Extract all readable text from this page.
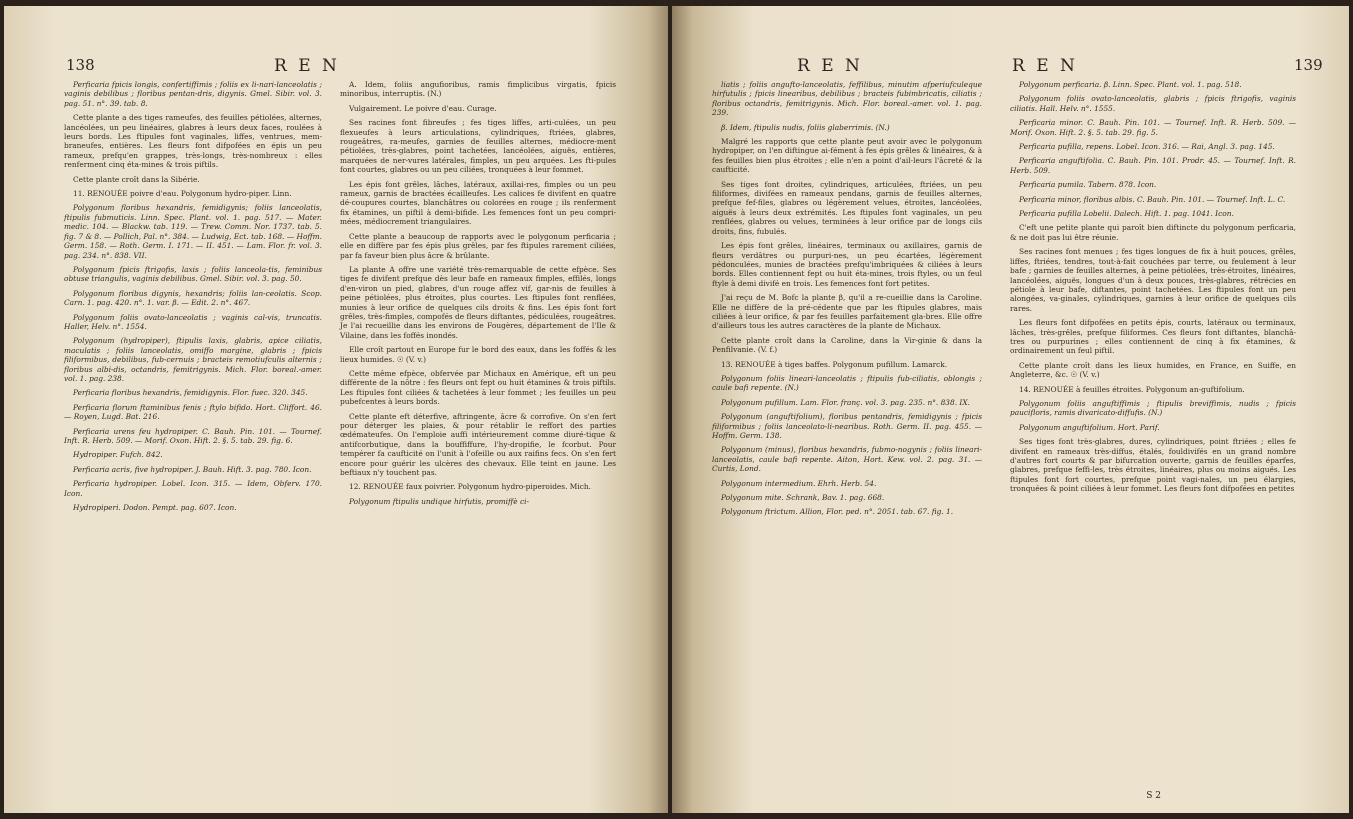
138	R E N

Perficaria fpicis longis, confertiffimis ; foliis ex li-nari-lanceolatis ; vaginis debilibus ; floribus pentan-dris, digynis. Gmel. Sibir. vol. 3. pag. 51. n°. 39. tab. 8.

Cette plante a des tiges rameufes, des feuilles pétiolées, alternes, lancéolées, un peu linéaires, glabres à leurs deux faces, roulées à leurs bords. Les ftipules font vaginales, liffes, ventrues, mem-braneufes, entières. Les fleurs font difpofées en épis un peu rameux, prefqu'en grappes, très-longs, très-nombreux : elles renferment cinq éta-mines & trois piftils.

Cette plante croît dans la Sibérie.

11. RENOUÉE poivre d'eau. Polygonum hydro-piper. Linn.

Polygonum floribus hexandris, femidigynis; foliis lanceolatis, ftipulis fubmuticis. Linn. Spec. Plant. vol. 1. pag. 517. — Mater. medic. 104. — Blackw. tab. 119. — Trew. Comm. Nor. 1737. tab. 5. fig. 7 & 8. — Pollich, Pal. n°. 384. — Ludwig, Ect. tab. 168. — Hoffm. Germ. 158. — Roth. Germ. I. 171. — II. 451. — Lam. Flor. fr. vol. 3. pag. 234. n°. 838. VII.

Polygonum fpicis ftrigofis, laxis ; foliis lanceola-tis, feminibus obtuse triangulis, vaginis debilibus. Gmel. Sibir. vol. 3. pag. 50.

Polygonum floribus digynis, hexandris; foliis lan-ceolatis. Scop. Carn. 1. pag. 420. n°. 1. var. β. — Edit. 2. n°. 467.

Polygonum foliis ovato-lanceolatis ; vaginis cal-vis, truncatis. Haller, Helv. n°. 1554.

Polygonum (hydropiper), ftipulis laxis, glabris, apice ciliatis, maculatis ; foliis lanceolatis, omiffo margine, glabris ; fpicis filiformibus, debilibus, fub-cernuis ; bracteis remotiufculis alternis ; floribus albi-dis, octandris, femitrigynis. Mich. Flor. boreal.-amer. vol. 1. pag. 238.

Perficaria floribus hexandris, femidigynis. Flor. fuec. 320. 345.

Perficaria florum ftaminibus fenis ; ftylo bifido. Hort. Cliffort. 46. — Royen, Lugd. Bat. 216.

Perficaria urens feu hydropiper. C. Bauh. Pin. 101. — Tournef. Inft. R. Herb. 509. — Morif. Oxon. Hift. 2. §. 5. tab. 29. fig. 6.

Hydropiper. Fufch. 842.

Perficaria acris, five hydropiper. J. Bauh. Hift. 3. pag. 780. Icon.

Perficaria hydropiper. Lobel. Icon. 315. — Idem, Obferv. 170. Icon.

Hydropiperi. Dodon. Pempt. pag. 607. Icon.

A. Idem, foliis angufioribus, ramis fimplicibus virgatis, fpicis minoribus, interruptis. (N.)

Vulgairement. Le poivre d'eau. Curage.

Ses racines font fibreufes ; fes tiges liffes, arti-culées, un peu flexueufes à leurs articulations, cylindriques, ftriées, glabres, rougeâtres, ra-meufes, garnies de feuilles alternes, médiocre-ment pétiolées, très-glabres, point tachetées, lancéolées, aiguës, entières, marquées de ner-vures latérales, fimples, un peu arquées. Les fti-pules font courtes, glabres ou un peu ciliées, tronquées à leur fommet.

Les épis font grêles, lâches, latéraux, axillai-res, fimples ou un peu rameux, garnis de bractées écailleufes. Les calices fe divifent en quatre dé-coupures courtes, blanchâtres ou colorées en rouge ; ils renferment fix étamines, un piftil à demi-bifide. Les femences font un peu compri-mées, médiocrement triangulaires.

Cette plante a beaucoup de rapports avec le polygonum perficaria ; elle en diffère par fes épis plus grêles, par fes ftipules rarement ciliées, par fa faveur bien plus âcre & brûlante.

La plante A offre une variété très-remarquable de cette efpèce. Ses tiges fe divifent prefque dès leur bafe en rameaux fimples, effilés, longs d'en-viron un pied, glabres, d'un rouge affez vif, gar-nis de feuilles à peine pétiolées, plus étroites, plus courtes. Les ftipules font renflées, munies à leur orifice de quelques cils droits & fins. Les épis font fort grêles, très-fimples, compofés de fleurs diftantes, pédiculées, rougeâtres. Je l'ai recueillie dans les environs de Fougères, département de l'Ile & Vilaine, dans les foffés inondés.

Elle croît partout en Europe fur le bord des eaux, dans les foffés & les lieux humides. ☉ (V. v.)

Cette même efpèce, obfervée par Michaux en Amérique, eft un peu différente de la nôtre : fes fleurs ont fept ou huit étamines & trois piftils. Les ftipules font ciliées & tachetées à leur fommet ; les feuilles un peu pubefcentes à leurs bords.

Cette plante eft déterfive, aftringente, âcre & corrofive. On s'en fert pour déterger les plaies, & pour rétablir le reffort des parties œdémateufes. On l'emploie auffi intérieurement comme diuré-tique & antifcorbutique, dans la bouffiffure, l'hy-dropifie, le fcorbut. Pour tempérer fa caufticité on l'unit à l'ofeille ou aux raifins fecs. On s'en fert encore pour guérir les ulcères des chevaux. Elle teint en jaune. Les beftiaux n'y touchent pas.

12. RENOUÉE faux poivrier. Polygonum hydro-piperoides. Mich.

Polygonum ftipulis undique hirfutis, promiffè ci-

R E N	R E N	139

liatis ; foliis angufto-lanceolatis, feffilibus, minutim afperiufculeque hirfutulis ; fpicis linearibus, debilibus ; bracteis fubimbricatis, ciliatis ; floribus octandris, femitrigynis. Mich. Flor. boreal.-amer. vol. 1. pag. 239.

β. Idem, ftipulis nudis, foliis glaberrimis. (N.)

Malgré les rapports que cette plante peut avoir avec le polygonum hydropiper, on l'en diftingue ai-fément à fes épis grêles & linéaires, & à fes feuilles bien plus étroites ; elle n'en a point d'ail-leurs l'âcreté & la caufticité.

Ses tiges font droites, cylindriques, articulées, ftriées, un peu filiformes, divifées en rameaux pendans, garnis de feuilles alternes, prefque fef-files, glabres ou légèrement velues, étroites, lancéolées, aiguës à leurs deux extrémités. Les ftipules font vaginales, un peu renflées, glabres ou velues, terminées à leur orifice par de longs cils droits, fins, fubulés.

Les épis font grêles, linéaires, terminaux ou axillaires, garnis de fleurs verdâtres ou purpuri-nes, un peu écartées, légèrement pédonculées, munies de bractées prefqu'imbriquées & ciliées à leurs bords. Elles contiennent fept ou huit éta-mines, trois ftyles, ou un feul ftyle à demi divifé en trois. Les femences font fort petites.

J'ai reçu de M. Bofc la plante β, qu'il a re-cueillie dans la Caroline. Elle ne diffère de la pré-cédente que par les ftipules glabres, mais ciliées à leur orifice, & par fes feuilles parfaitement gla-bres. Elle offre d'ailleurs tous les autres caractères de la plante de Michaux.

Cette plante croît dans la Caroline, dans la Vir-ginie & dans la Penfilvanie. (V. f.)

13. RENOUÉE à tiges baffes. Polygonum pufillum. Lamarck.

Polygonum foliis lineari-lanceolatis ; ftipulis fub-ciliatis, oblongis ; caule bafi repente. (N.)

Polygonum pufillum. Lam. Flor. franç. vol. 3. pag. 235. n°. 838. IX.

Polygonum (anguftifolium), floribus pentandris, femidigynis ; fpicis filiformibus ; foliis lanceolato-li-nearibus. Roth. Germ. II. pag. 455. — Hoffm. Germ. 138.

Polygonum (minus), floribus hexandris, fubmo-nogynis ; foliis lineari-lanceolatis, caule bafi repente. Aiton, Hort. Kew. vol. 2. pag. 31. — Curtis, Lond.

Polygonum intermedium. Ehrh. Herb. 54.

Polygonum mite. Schrank, Bav. 1. pag. 668.

Polygonum ftrictum. Allion, Flor. ped. n°. 2051. tab. 67. fig. 1.

Polygonum perficaria. β. Linn. Spec. Plant. vol. 1. pag. 518.

Polygonum foliis ovato-lanceolatis, glabris ; fpicis ftrigofis, vaginis ciliatis. Hall. Helv. n°. 1555.

Perficaria minor. C. Bauh. Pin. 101. — Tournef. Inft. R. Herb. 509. — Morif. Oxon. Hift. 2. §. 5. tab. 29. fig. 5.

Perficaria pufilla, repens. Lobel. Icon. 316. — Rai, Angl. 3. pag. 145.

Perficaria anguftifolia. C. Bauh. Pin. 101. Prodr. 45. — Tournef. Inft. R. Herb. 509.

Perficaria pumila. Tabern. 878. Icon.

Perficaria minor, floribus albis. C. Bauh. Pin. 101. — Tournef. Inft. L. C.

Perficaria pufilla Lobelii. Dalech. Hift. 1. pag. 1041. Icon.

C'eft une petite plante qui paroît bien diftincte du polygonum perficaria, & ne doit pas lui être réunie.

Ses racines font menues ; fes tiges longues de fix à huit pouces, grêles, liffes, ftriées, tendres, tout-à-fait couchées par terre, ou feulement à leur bafe ; garnies de feuilles alternes, à peine pétiolées, très-étroites, linéaires, lancéolées, aiguës, longues d'un à deux pouces, très-glabres, rétrécies en pétiole à leur bafe, diftantes, point tachetées. Les ftipules font un peu alongées, va-ginales, cylindriques, garnies à leur orifice de quelques cils rares.

Les fleurs font difpofées en petits épis, courts, latéraux ou terminaux, lâches, très-grêles, prefque filiformes. Ces fleurs font diftantes, blanchâ-tres ou purpurines ; elles contiennent de cinq à fix étamines, & ordinairement un feul piftil.

Cette plante croît dans les lieux humides, en France, en Suiffe, en Angleterre, &c. ☉ (V. v.)

14. RENOUÉE à feuilles étroites. Polygonum an-guftifolium.

Polygonum foliis anguftiffimis ; ftipulis breviffimis, nudis ; fpicis paucifloris, ramis divaricato-diffufis. (N.)

Polygonum anguftifolium. Hort. Parif.

Ses tiges font très-glabres, dures, cylindriques, point ftriées ; elles fe divifent en rameaux très-diffus, étalés, fouldivifés en un grand nombre d'autres fort courts & par bifurcation ouverte, garnis de feuilles éparfes, glabres, prefque feffi-les, très étroites, linéaires, plus ou moins aiguës. Les ftipules font fort courtes, prefque point vagi-nales, un peu élargies, tronquées & point ciliées à leur fommet. Les fleurs font difpofées en petites

S 2
